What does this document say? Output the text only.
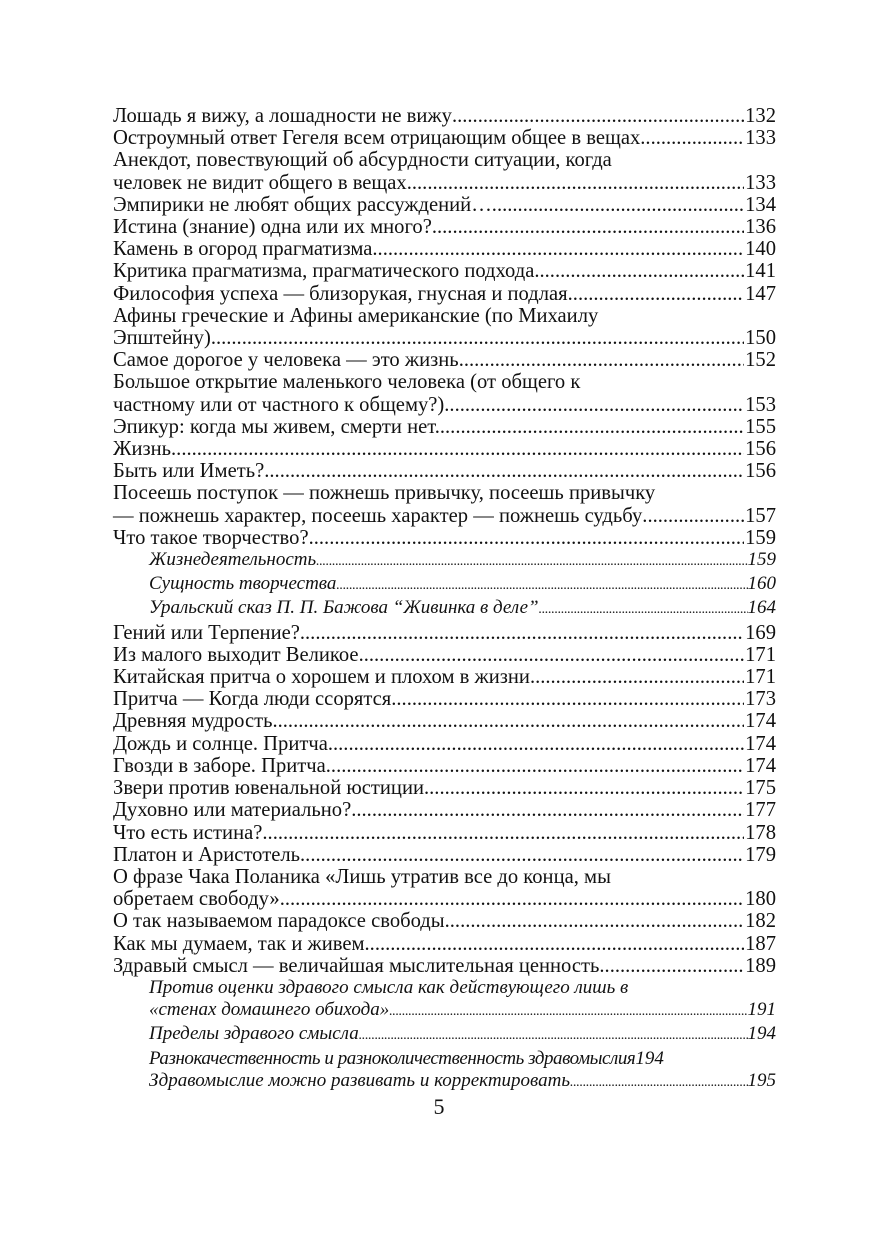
Лошадь я вижу, а лошадности не вижу .....	132
Остроумный ответ Гегеля всем отрицающим общее в вещах .....	133
Анекдот, повествующий об абсурдности ситуации, когда
человек не видит общего в вещах .....	133
Эмпирики не любят общих рассуждений… .....	134
Истина (знание) одна или их много? .....	136
Камень в огород прагматизма .....	140
Критика прагматизма, прагматического подхода .....	141
Философия успеха — близорукая, гнусная и подлая .....	147
Афины греческие и Афины американские (по Михаилу
Эпштейну) .....	150
Самое дорогое у человека — это жизнь .....	152
Большое открытие маленького человека (от общего к
частному или от частного к общему?) .....	153
Эпикур: когда мы живем, смерти нет... .....	155
Жизнь .....	156
Быть или Иметь? .....	156
Посеешь поступок — пожнешь привычку, посеешь привычку
— пожнешь характер, посеешь характер — пожнешь судьбу .....	157
Что такое творчество? .....	159
Жизнедеятельность .....	159
Сущность творчества .....	160
Уральский сказ П. П. Бажова “Живинка в деле” .....	164
Гений или Терпение? .....	169
Из малого выходит Великое .....	171
Китайская притча о хорошем и плохом в жизни .....	171
Притча — Когда люди ссорятся .....	173
Древняя мудрость .....	174
Дождь и солнце. Притча .....	174
Гвозди в заборе. Притча .....	174
Звери против ювенальной юстиции .....	175
Духовно или материально? .....	177
Что есть истина? .....	178
Платон и Аристотель .....	179
О фразе Чака Поланика «Лишь утратив все до конца, мы
обретаем свободу» .....	180
О так называемом парадоксе свободы .....	182
Как мы думаем, так и живем .....	187
Здравый смысл — величайшая мыслительная ценность .....	189
Против оценки здравого смысла как действующего лишь в
«стенах домашнего обихода» .....	191
Пределы здравого смысла .....	194
Разнокачественность и разноколичественность здравомыслия 194
Здравомыслие можно развивать и корректировать .....	195
5
